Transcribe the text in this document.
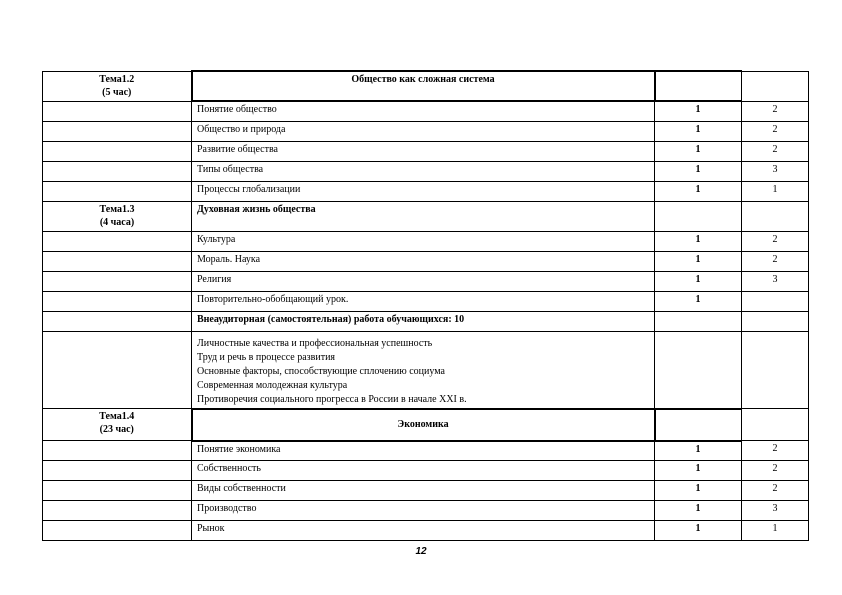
Тема1.2
(5 час)	Общество как сложная система		
	Понятие общество	1	2
	Общество и природа	1	2
	Развитие общества	1	2
	Типы общества	1	3
	Процессы глобализации	1	1

Тема1.3
(4 часа)	Духовная жизнь общества		
	Культура	1	2
	Мораль. Наука	1	2
	Религия	1	3
	Повторительно-обобщающий урок.	1	
	Внеаудиторная (самостоятельная) работа обучающихся: 10		

	Личностные качества и профессиональная успешность
Труд и речь в процессе развития
Основные факторы, способствующие сплочению социума
Современная молодежная культура
Противоречия социального прогресса в России в начале XXI в.		

Тема1.4
(23 час)	Экономика		
	Понятие экономика	1	2
	Собственность	1	2
	Виды собственности	1	2
	Производство	1	3
	Рынок	1	1
12
